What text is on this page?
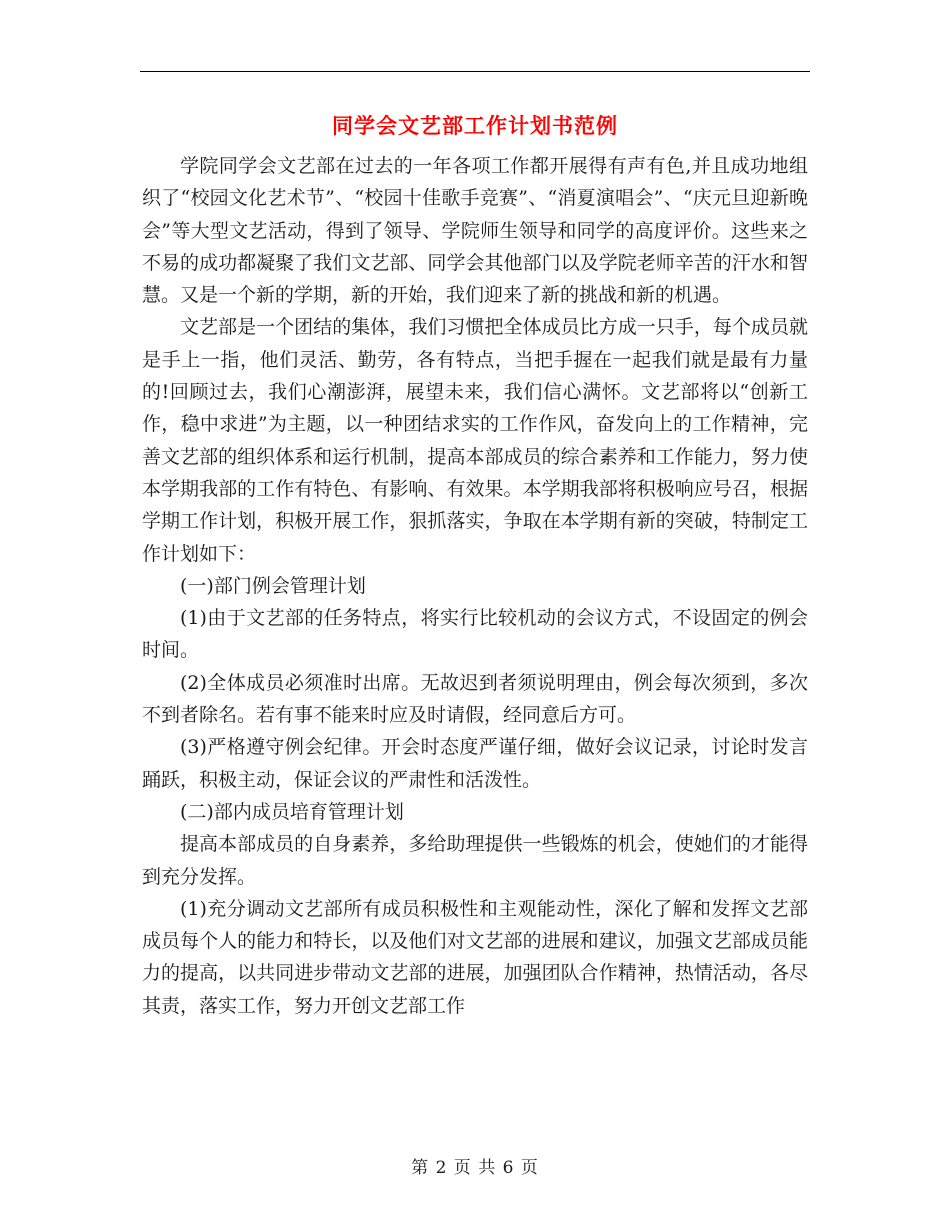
同学会文艺部工作计划书范例

学院同学会文艺部在过去的一年各项工作都开展得有声有色,并且成功地组织了“校园文化艺术节”、“校园十佳歌手竞赛”、“消夏演唱会”、“庆元旦迎新晚会”等大型文艺活动，得到了领导、学院师生领导和同学的高度评价。这些来之不易的成功都凝聚了我们文艺部、同学会其他部门以及学院老师辛苦的汗水和智慧。又是一个新的学期，新的开始，我们迎来了新的挑战和新的机遇。

文艺部是一个团结的集体，我们习惯把全体成员比方成一只手，每个成员就是手上一指，他们灵活、勤劳，各有特点，当把手握在一起我们就是最有力量的!回顾过去，我们心潮澎湃，展望未来，我们信心满怀。文艺部将以“创新工作，稳中求进”为主题，以一种团结求实的工作作风，奋发向上的工作精神，完善文艺部的组织体系和运行机制，提高本部成员的综合素养和工作能力，努力使本学期我部的工作有特色、有影响、有效果。本学期我部将积极响应号召，根据学期工作计划，积极开展工作，狠抓落实，争取在本学期有新的突破，特制定工作计划如下：

(一)部门例会管理计划

(1)由于文艺部的任务特点，将实行比较机动的会议方式，不设固定的例会时间。

(2)全体成员必须准时出席。无故迟到者须说明理由，例会每次须到，多次不到者除名。若有事不能来时应及时请假，经同意后方可。

(3)严格遵守例会纪律。开会时态度严谨仔细，做好会议记录，讨论时发言踊跃，积极主动，保证会议的严肃性和活泼性。

(二)部内成员培育管理计划

提高本部成员的自身素养，多给助理提供一些锻炼的机会，使她们的才能得到充分发挥。

(1)充分调动文艺部所有成员积极性和主观能动性，深化了解和发挥文艺部成员每个人的能力和特长，以及他们对文艺部的进展和建议，加强文艺部成员能力的提高，以共同进步带动文艺部的进展，加强团队合作精神，热情活动，各尽其责，落实工作，努力开创文艺部工作

第 2 页 共 6 页
